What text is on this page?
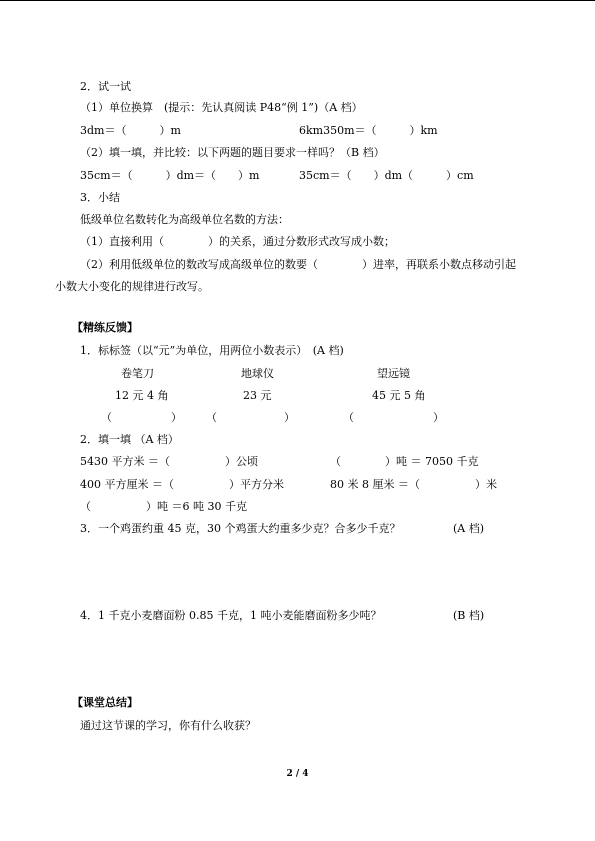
2．试一试
（1）单位换算　(提示：先认真阅读 P48“例 1”)（A 档）
3dm＝（　　　）m	6km350m＝（　　　）km
（2）填一填，并比较：以下两题的题目要求一样吗？（B 档）
35cm＝（　　　）dm＝（　　）m	35cm＝（　　）dm（　　　）cm
3．小结
低级单位名数转化为高级单位名数的方法：
（1）直接利用（　　　　）的关系，通过分数形式改写成小数；
（2）利用低级单位的数改写成高级单位的数要（　　　　）进率，再联系小数点移动引起
小数大小变化的规律进行改写。
【精练反馈】
1．标标签（以“元”为单位，用两位小数表示）　(A 档)
卷笔刀	地球仪	望远镜
12 元 4 角	23 元	45 元 5 角
（	） （	）	（	）
2．填一填 （A 档）
5430 平方米 ＝（　　　　　）公顷	（　　　　）吨 ＝ 7050 千克
400 平方厘米 ＝（　　　　　）平方分米	80 米 8 厘米 ＝（　　　　　）米
（　　　　　）吨 ＝6 吨 30 千克
3．一个鸡蛋约重 45 克，30 个鸡蛋大约重多少克？合多少千克？	(A 档)
4．1 千克小麦磨面粉 0.85 千克，1 吨小麦能磨面粉多少吨？	(B 档)
【课堂总结】
通过这节课的学习，你有什么收获？
2 / 4
